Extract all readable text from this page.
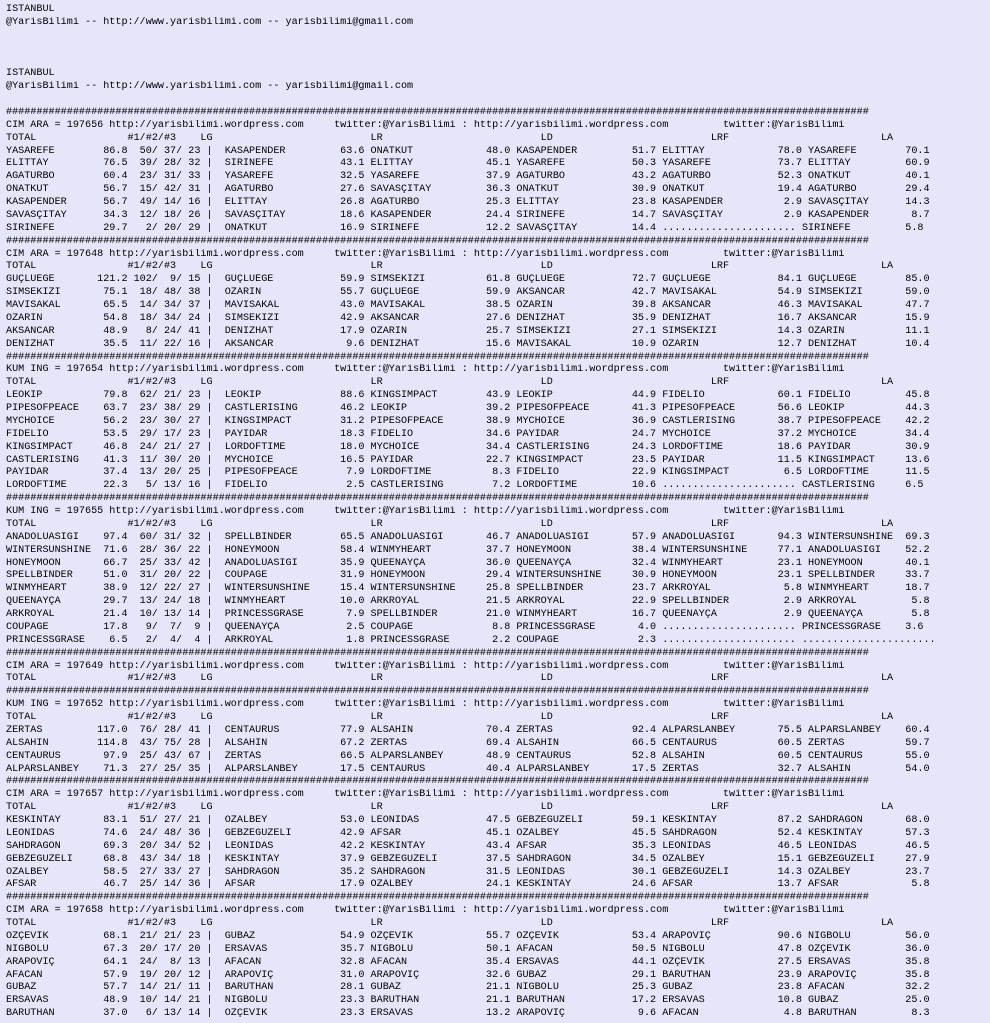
ISTANBUL
@YarisBilimi -- http://www.yarisbilimi.com -- yarisbilimi@gmail.com
ISTANBUL
@YarisBilimi -- http://www.yarisbilimi.com -- yarisbilimi@gmail.com
##############################################################################################################################################
CIM ARA = 197656 http://yarisbilimi.wordpress.com     twitter:@YarisBilimi : http://yarisbilimi.wordpress.com         twitter:@YarisBilimi
TOTAL               #1/#2/#3    LG                          LR                          LD                          LRF                         LA
YASAREFE        86.8  50/ 37/ 23 |  KASAPENDER         63.6 ONATKUT            48.0 KASAPENDER         51.7 ELITTAY            78.0 YASAREFE        70.1
ELITTAY         76.5  39/ 28/ 32 |  SIRINEFE           43.1 ELITTAY            45.1 YASAREFE           50.3 YASAREFE           73.7 ELITTAY         60.9
AGATURBO        60.4  23/ 31/ 33 |  YASAREFE           32.5 YASAREFE           37.9 AGATURBO           43.2 AGATURBO           52.3 ONATKUT         40.1
ONATKUT         56.7  15/ 42/ 31 |  AGATURBO           27.6 SAVASÇITAY         36.3 ONATKUT            30.9 ONATKUT            19.4 AGATURBO        29.4
KASAPENDER      56.7  49/ 14/ 16 |  ELITTAY            26.8 AGATURBO           25.3 ELITTAY            23.8 KASAPENDER          2.9 SAVASÇITAY      14.3
SAVASÇITAY      34.3  12/ 18/ 26 |  SAVASÇITAY         18.6 KASAPENDER         24.4 SIRINEFE           14.7 SAVASÇITAY          2.9 KASAPENDER       8.7
SIRINEFE        29.7   2/ 20/ 29 |  ONATKUT            16.9 SIRINEFE           12.2 SAVASÇITAY         14.4 ...................... SIRINEFE         5.8
##############################################################################################################################################
CIM ARA = 197648 http://yarisbilimi.wordpress.com     twitter:@YarisBilimi : http://yarisbilimi.wordpress.com         twitter:@YarisBilimi
TOTAL               #1/#2/#3    LG                          LR                          LD                          LRF                         LA
GÜÇLÜEGE       121.2 102/  9/ 15 |  GÜÇLÜEGE           59.9 SIMSEKIZI          61.8 GÜÇLÜEGE           72.7 GÜÇLÜEGE           84.1 GÜÇLÜEGE        85.0
SIMSEKIZI       75.1  18/ 48/ 38 |  ÖZARIN             55.7 GÜÇLÜEGE           59.9 AKSANCAR           42.7 MAVISAKAL          54.9 SIMSEKIZI       59.0
MAVISAKAL       65.5  14/ 34/ 37 |  MAVISAKAL          43.0 MAVISAKAL          38.5 ÖZARIN             39.8 AKSANCAR           46.3 MAVISAKAL       47.7
ÖZARIN          54.8  18/ 34/ 24 |  SIMSEKIZI          42.9 AKSANCAR           27.6 DENIZHAT           35.9 DENIZHAT           16.7 AKSANCAR        15.9
AKSANCAR        48.9   8/ 24/ 41 |  DENIZHAT           17.9 ÖZARIN             25.7 SIMSEKIZI          27.1 SIMSEKIZI          14.3 ÖZARIN          11.1
DENIZHAT        35.5  11/ 22/ 16 |  AKSANCAR            9.6 DENIZHAT           15.6 MAVISAKAL          10.9 ÖZARIN             12.7 DENIZHAT        10.4
##############################################################################################################################################
KUM ING = 197654 http://yarisbilimi.wordpress.com     twitter:@YarisBilimi : http://yarisbilimi.wordpress.com         twitter:@YarisBilimi
TOTAL               #1/#2/#3    LG                          LR                          LD                          LRF                         LA
LEOKIP          79.8  62/ 21/ 23 |  LEOKIP             88.6 KINGSIMPACT        43.9 LEOKIP             44.9 FIDELIO            60.1 FIDELIO         45.8
PIPESOFPEACE    63.7  23/ 38/ 29 |  CASTLERISING       46.2 LEOKIP             39.2 PIPESOFPEACE       41.3 PIPESOFPEACE       56.6 LEOKIP          44.3
MYCHOICE        56.2  23/ 30/ 27 |  KINGSIMPACT        31.2 PIPESOFPEACE       38.9 MYCHOICE           36.9 CASTLERISING       38.7 PIPESOFPEACE    42.2
FIDELIO         53.5  29/ 17/ 23 |  PAYIDAR            18.3 FIDELIO            34.6 PAYIDAR            24.7 MYCHOICE           37.2 MYCHOICE        34.4
KINGSIMPACT     46.8  24/ 21/ 27 |  LORDOFTIME         18.0 MYCHOICE           34.4 CASTLERISING       24.3 LORDOFTIME         18.6 PAYIDAR         30.9
CASTLERISING    41.3  11/ 30/ 20 |  MYCHOICE           16.5 PAYIDAR            22.7 KINGSIMPACT        23.5 PAYIDAR            11.5 KINGSIMPACT     13.6
PAYIDAR         37.4  13/ 20/ 25 |  PIPESOFPEACE        7.9 LORDOFTIME          8.3 FIDELIO            22.9 KINGSIMPACT         6.5 LORDOFTIME      11.5
LORDOFTIME      22.3   5/ 13/ 16 |  FIDELIO             2.5 CASTLERISING        7.2 LORDOFTIME         10.6 ...................... CASTLERISING     6.5
##############################################################################################################################################
KUM ING = 197655 http://yarisbilimi.wordpress.com     twitter:@YarisBilimi : http://yarisbilimi.wordpress.com         twitter:@YarisBilimi
TOTAL               #1/#2/#3    LG                          LR                          LD                          LRF                         LA
ANADOLUASIGI    97.4  60/ 31/ 32 |  SPELLBINDER        65.5 ANADOLUASIGI       46.7 ANADOLUASIGI       57.9 ANADOLUASIGI       94.3 WINTERSUNSHINE  69.3
WINTERSUNSHINE  71.6  28/ 36/ 22 |  HONEYMOON          58.4 WINMYHEART         37.7 HONEYMOON          38.4 WINTERSUNSHINE     77.1 ANADOLUASIGI    52.2
HONEYMOON       66.7  25/ 33/ 42 |  ANADOLUASIGI       35.9 QUEENAYÇA          36.0 QUEENAYÇA          32.4 WINMYHEART         23.1 HONEYMOON       40.1
SPELLBINDER     51.0  31/ 20/ 22 |  COUPAGE            31.9 HONEYMOON          29.4 WINTERSUNSHINE     30.9 HONEYMOON          23.1 SPELLBINDER     33.7
WINMYHEART      38.9  12/ 22/ 27 |  WINTERSUNSHINE     15.4 WINTERSUNSHINE     25.8 SPELLBINDER        23.7 ARKROYAL            5.8 WINMYHEART      18.7
QUEENAYÇA       29.7  13/ 24/ 18 |  WINMYHEART         10.0 ARKROYAL           21.5 ARKROYAL           22.9 SPELLBINDER         2.9 ARKROYAL         5.8
ARKROYAL        21.4  10/ 13/ 14 |  PRINCESSGRASE       7.9 SPELLBINDER        21.0 WINMYHEART         16.7 QUEENAYÇA           2.9 QUEENAYÇA        5.8
COUPAGE         17.8   9/  7/  9 |  QUEENAYÇA           2.5 COUPAGE             8.8 PRINCESSGRASE       4.0 ...................... PRINCESSGRASE    3.6
PRINCESSGRASE    6.5   2/  4/  4 |  ARKROYAL            1.8 PRINCESSGRASE       2.2 COUPAGE             2.3 ...................... ......................
##############################################################################################################################################
CIM ARA = 197649 http://yarisbilimi.wordpress.com     twitter:@YarisBilimi : http://yarisbilimi.wordpress.com         twitter:@YarisBilimi
TOTAL               #1/#2/#3    LG                          LR                          LD                          LRF                         LA
##############################################################################################################################################
KUM ING = 197652 http://yarisbilimi.wordpress.com     twitter:@YarisBilimi : http://yarisbilimi.wordpress.com         twitter:@YarisBilimi
TOTAL               #1/#2/#3    LG                          LR                          LD                          LRF                         LA
ZERTAS         117.0  76/ 28/ 41 |  CENTAURUS          77.9 ALSAHIN            70.4 ZERTAS             92.4 ALPARSLANBEY       75.5 ALPARSLANBEY    60.4
ALSAHIN        114.8  43/ 75/ 28 |  ALSAHIN            67.2 ZERTAS             69.4 ALSAHIN            66.5 CENTAURUS          60.5 ZERTAS          59.7
CENTAURUS       97.9  25/ 43/ 67 |  ZERTAS             66.5 ALPARSLANBEY       48.9 CENTAURUS          52.8 ALSAHIN            60.5 CENTAURUS       55.0
ALPARSLANBEY    71.3  27/ 25/ 35 |  ALPARSLANBEY       17.5 CENTAURUS          40.4 ALPARSLANBEY       17.5 ZERTAS             32.7 ALSAHIN         54.0
##############################################################################################################################################
CIM ARA = 197657 http://yarisbilimi.wordpress.com     twitter:@YarisBilimi : http://yarisbilimi.wordpress.com         twitter:@YarisBilimi
TOTAL               #1/#2/#3    LG                          LR                          LD                          LRF                         LA
KESKINTAY       83.1  51/ 27/ 21 |  ÖZALBEY            53.0 LEONIDAS           47.5 GEBZEGÜZELI        59.1 KESKINTAY          87.2 SAHDRAGON       68.0
LEONIDAS        74.6  24/ 48/ 36 |  GEBZEGÜZELI        42.9 AFSAR              45.1 ÖZALBEY            45.5 SAHDRAGON          52.4 KESKINTAY       57.3
SAHDRAGON       69.3  20/ 34/ 52 |  LEONIDAS           42.2 KESKINTAY          43.4 AFSAR              35.3 LEONIDAS           46.5 LEONIDAS        46.5
GEBZEGÜZELI     68.8  43/ 34/ 18 |  KESKINTAY          37.9 GEBZEGÜZELI        37.5 SAHDRAGON          34.5 ÖZALBEY            15.1 GEBZEGÜZELI     27.9
ÖZALBEY         58.5  27/ 33/ 27 |  SAHDRAGON          35.2 SAHDRAGON          31.5 LEONIDAS           30.1 GEBZEGÜZELI        14.3 ÖZALBEY         23.7
AFSAR           46.7  25/ 14/ 36 |  AFSAR              17.9 ÖZALBEY            24.1 KESKINTAY          24.6 AFSAR              13.7 AFSAR            5.8
##############################################################################################################################################
CIM ARA = 197658 http://yarisbilimi.wordpress.com     twitter:@YarisBilimi : http://yarisbilimi.wordpress.com         twitter:@YarisBilimi
TOTAL               #1/#2/#3    LG                          LR                          LD                          LRF                         LA
ÖZÇEVIK         68.1  21/ 21/ 23 |  GUBAZ              54.9 ÖZÇEVIK            55.7 ÖZÇEVIK            53.4 ARAPOVIÇ           90.6 NIGBOLU         56.0
NIGBOLU         67.3  20/ 17/ 20 |  ERSAVAS            35.7 NIGBOLU            50.1 AFACAN             50.5 NIGBOLU            47.8 ÖZÇEVIK         36.0
ARAPOVIÇ        64.1  24/  8/ 13 |  AFACAN             32.8 AFACAN             35.4 ERSAVAS            44.1 ÖZÇEVIK            27.5 ERSAVAS         35.8
AFACAN          57.9  19/ 20/ 12 |  ARAPOVIÇ           31.0 ARAPOVIÇ           32.6 GUBAZ              29.1 BARUTHAN           23.9 ARAPOVIÇ        35.8
GUBAZ           57.7  14/ 21/ 11 |  BARUTHAN           28.1 GUBAZ              21.1 NIGBOLU            25.3 GUBAZ              23.8 AFACAN          32.2
ERSAVAS         48.9  10/ 14/ 21 |  NIGBOLU            23.3 BARUTHAN           21.1 BARUTHAN           17.2 ERSAVAS            10.8 GUBAZ           25.0
BARUTHAN        37.0   6/ 13/ 14 |  ÖZÇEVIK            23.3 ERSAVAS            13.2 ARAPOVIÇ            9.6 AFACAN              4.8 BARUTHAN         8.3
